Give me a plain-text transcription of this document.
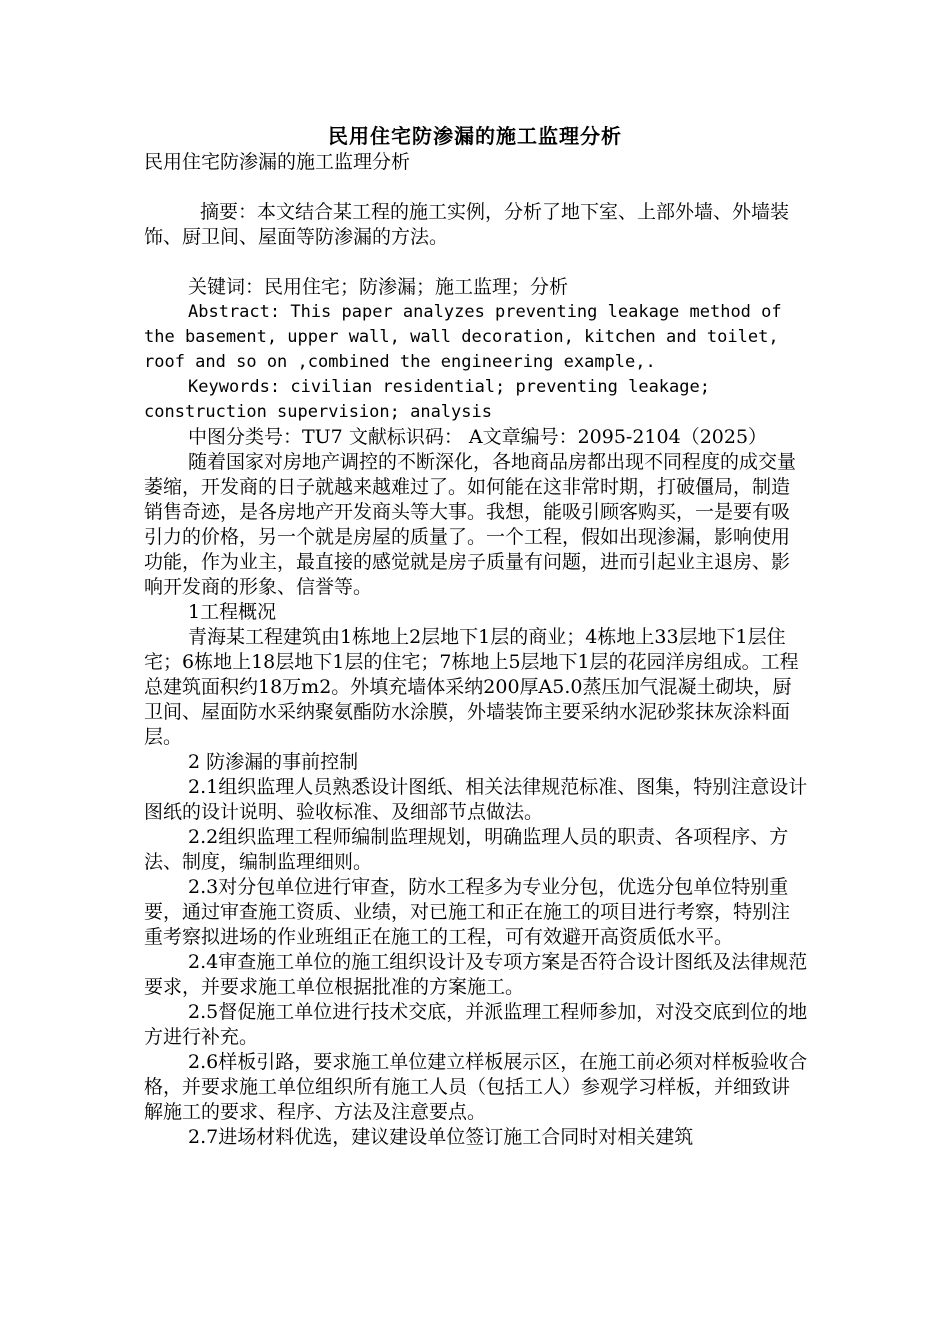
民用住宅防渗漏的施工监理分析

民用住宅防渗漏的施工监理分析

摘要：本文结合某工程的施工实例，分析了地下室、上部外墙、外墙装饰、厨卫间、屋面等防渗漏的方法。

关键词：民用住宅；防渗漏；施工监理；分析

Abstract: This paper analyzes preventing leakage method of the basement, upper wall, wall decoration, kitchen and toilet, roof and so on ,combined the engineering example,.

Keywords: civilian residential; preventing leakage; construction supervision; analysis

中图分类号：TU7 文献标识码： A文章编号：2095-2104（2025）

随着国家对房地产调控的不断深化，各地商品房都出现不同程度的成交量萎缩，开发商的日子就越来越难过了。如何能在这非常时期，打破僵局，制造销售奇迹，是各房地产开发商头等大事。我想，能吸引顾客购买，一是要有吸引力的价格，另一个就是房屋的质量了。一个工程，假如出现渗漏，影响使用功能，作为业主，最直接的感觉就是房子质量有问题，进而引起业主退房、影响开发商的形象、信誉等。

1工程概况

青海某工程建筑由1栋地上2层地下1层的商业；4栋地上33层地下1层住宅；6栋地上18层地下1层的住宅；7栋地上5层地下1层的花园洋房组成。工程总建筑面积约18万m2。外填充墙体采纳200厚A5.0蒸压加气混凝土砌块，厨卫间、屋面防水采纳聚氨酯防水涂膜，外墙装饰主要采纳水泥砂浆抹灰涂料面层。

2 防渗漏的事前控制

2.1组织监理人员熟悉设计图纸、相关法律规范标准、图集，特别注意设计图纸的设计说明、验收标准、及细部节点做法。

2.2组织监理工程师编制监理规划，明确监理人员的职责、各项程序、方法、制度，编制监理细则。

2.3对分包单位进行审查，防水工程多为专业分包，优选分包单位特别重要，通过审查施工资质、业绩，对已施工和正在施工的项目进行考察，特别注重考察拟进场的作业班组正在施工的工程，可有效避开高资质低水平。

2.4审查施工单位的施工组织设计及专项方案是否符合设计图纸及法律规范要求，并要求施工单位根据批准的方案施工。

2.5督促施工单位进行技术交底，并派监理工程师参加，对没交底到位的地方进行补充。

2.6样板引路，要求施工单位建立样板展示区，在施工前必须对样板验收合格，并要求施工单位组织所有施工人员（包括工人）参观学习样板，并细致讲解施工的要求、程序、方法及注意要点。

2.7进场材料优选，建议建设单位签订施工合同时对相关建筑
